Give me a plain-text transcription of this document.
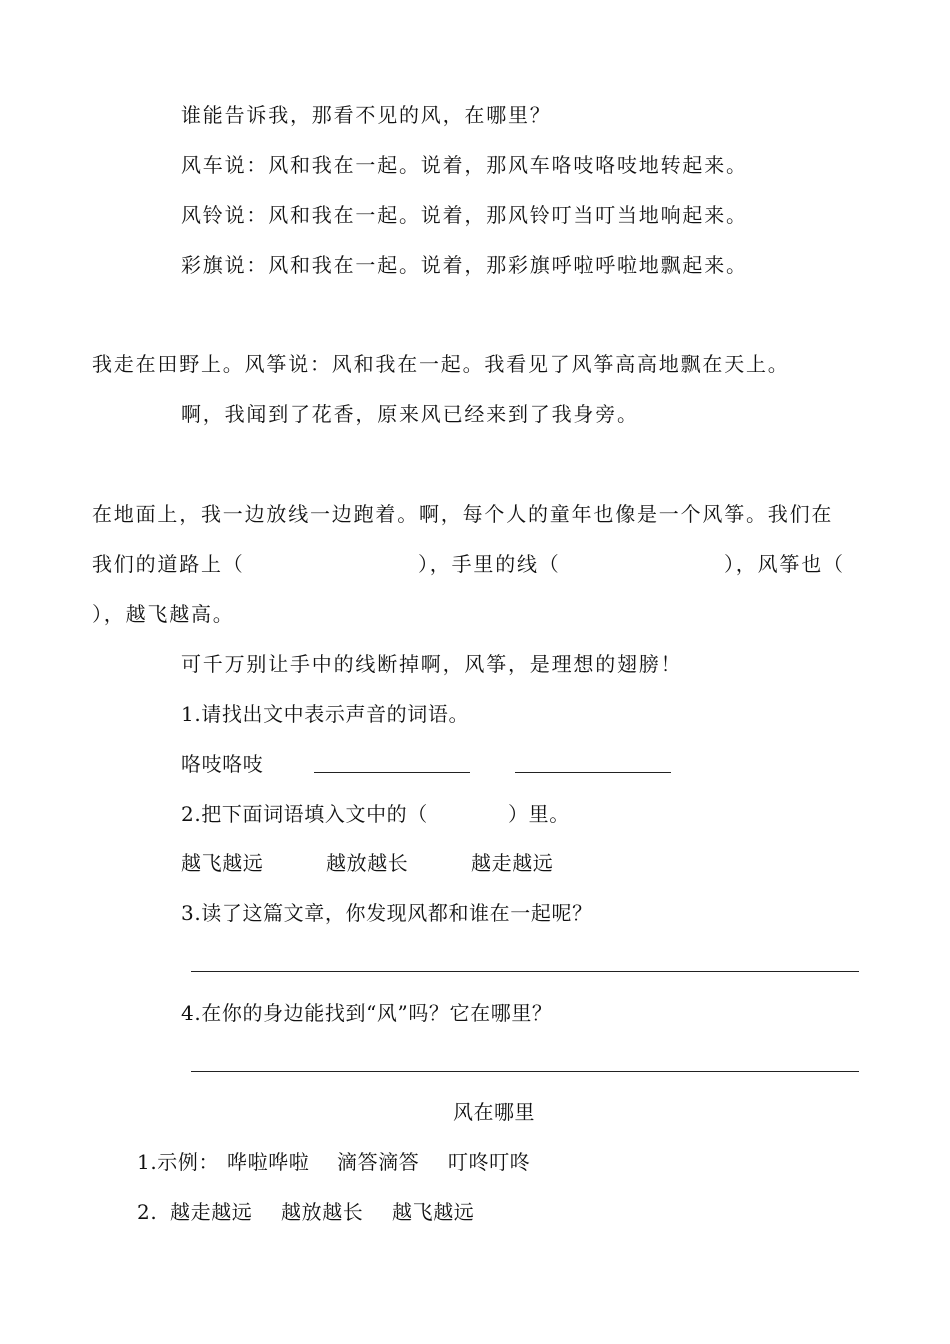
谁能告诉我，那看不见的风，在哪里？
风车说：风和我在一起。说着，那风车咯吱咯吱地转起来。
风铃说：风和我在一起。说着，那风铃叮当叮当地响起来。
彩旗说：风和我在一起。说着，那彩旗呼啦呼啦地飘起来。
我走在田野上。风筝说：风和我在一起。我看见了风筝高高地飘在天上。
啊，我闻到了花香，原来风已经来到了我身旁。
在地面上，我一边放线一边跑着。啊，每个人的童年也像是一个风筝。我们在
我们的道路上（	），手里的线（	），风筝也（
），越飞越高。
可千万别让手中的线断掉啊，风筝，是理想的翅膀！
1.请找出文中表示声音的词语。
咯吱咯吱
2.把下面词语填入文中的（	）里。
越飞越远	越放越长	越走越远
3.读了这篇文章，你发现风都和谁在一起呢？
4.在你的身边能找到“风”吗？它在哪里？
风在哪里
1.示例： 哗啦哗啦 滴答滴答 叮咚叮咚
2. 越走越远 越放越长 越飞越远
